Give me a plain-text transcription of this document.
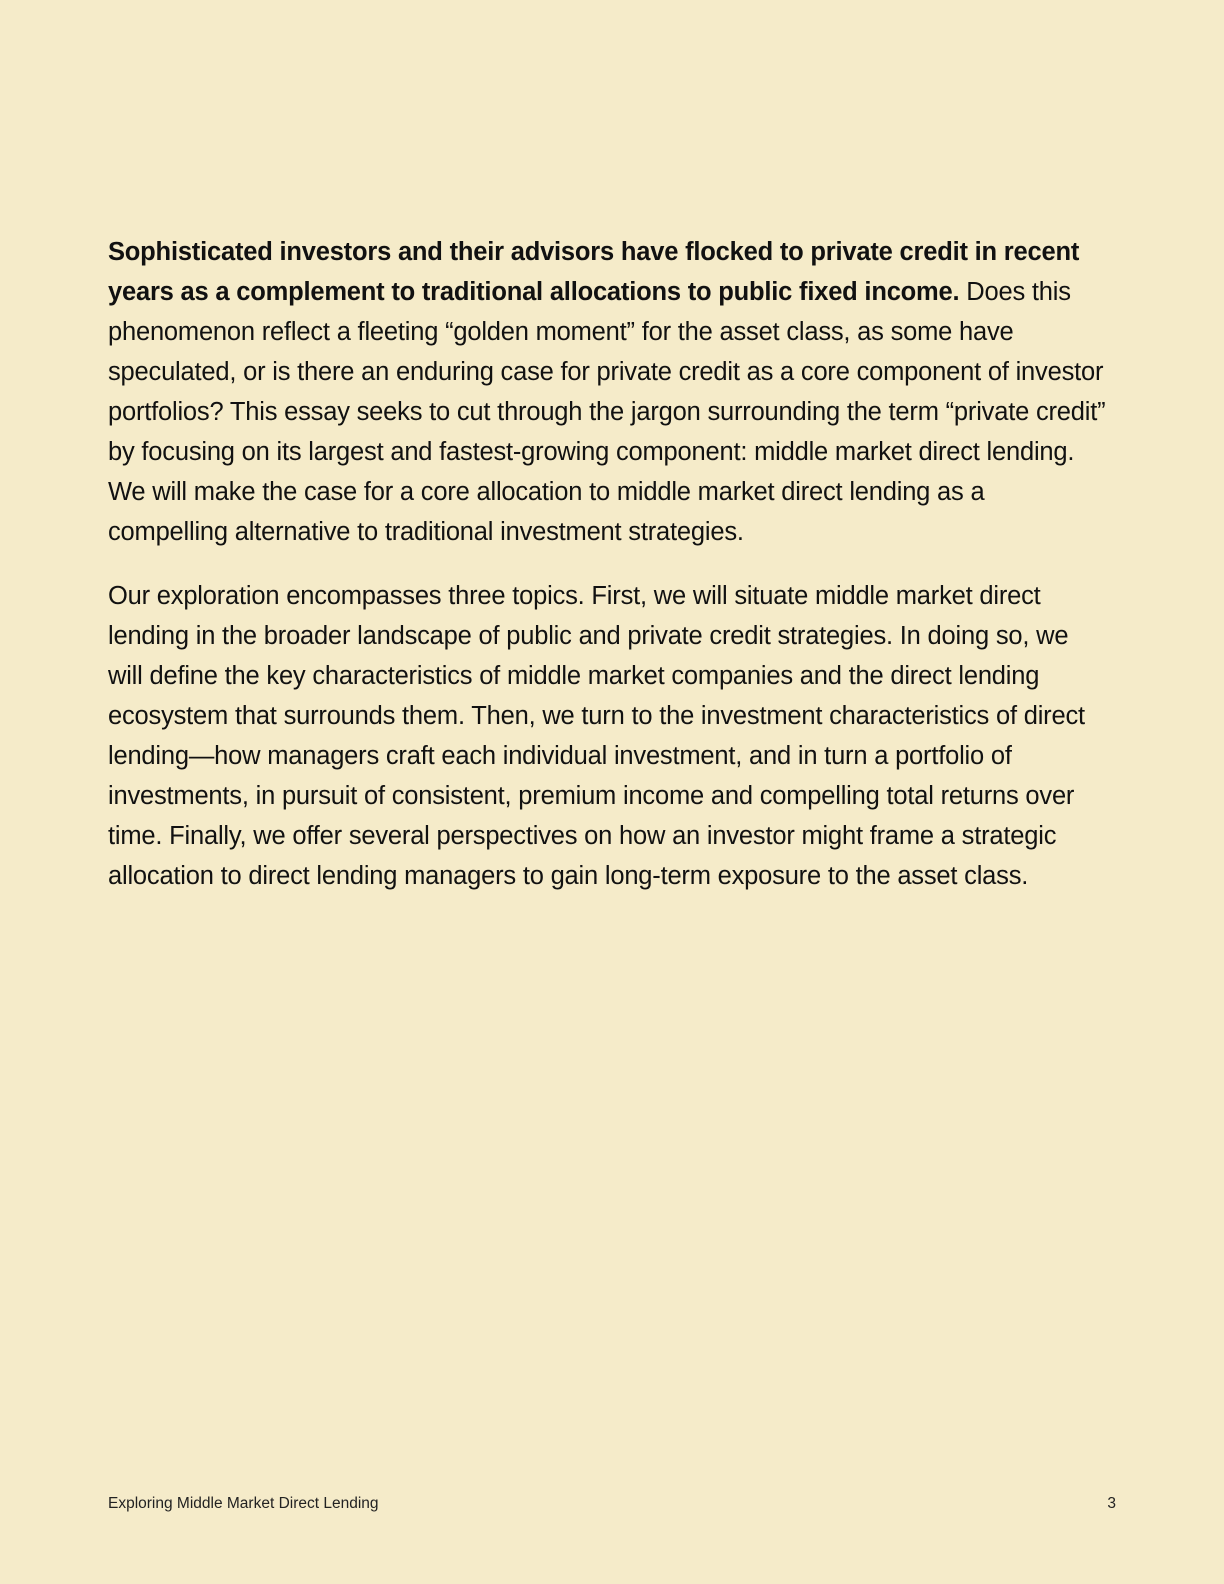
Sophisticated investors and their advisors have flocked to private credit in recent years as a complement to traditional allocations to public fixed income. Does this phenomenon reflect a fleeting “golden moment” for the asset class, as some have speculated, or is there an enduring case for private credit as a core component of investor portfolios? This essay seeks to cut through the jargon surrounding the term “private credit” by focusing on its largest and fastest-growing component: middle market direct lending. We will make the case for a core allocation to middle market direct lending as a compelling alternative to traditional investment strategies.

Our exploration encompasses three topics. First, we will situate middle market direct lending in the broader landscape of public and private credit strategies. In doing so, we will define the key characteristics of middle market companies and the direct lending ecosystem that surrounds them. Then, we turn to the investment characteristics of direct lending—how managers craft each individual investment, and in turn a portfolio of investments, in pursuit of consistent, premium income and compelling total returns over time. Finally, we offer several perspectives on how an investor might frame a strategic allocation to direct lending managers to gain long-term exposure to the asset class.

Exploring Middle Market Direct Lending	3
